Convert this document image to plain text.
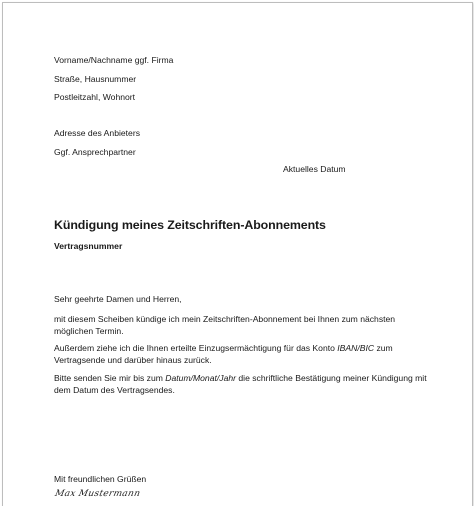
Vorname/Nachname ggf. Firma
Straße, Hausnummer
Postleitzahl, Wohnort
Adresse des Anbieters
Ggf. Ansprechpartner
Aktuelles Datum
Kündigung meines Zeitschriften-Abonnements
Vertragsnummer
Sehr geehrte Damen und Herren,
mit diesem Scheiben kündige ich mein Zeitschriften-Abonnement bei Ihnen zum nächsten möglichen Termin.
Außerdem ziehe ich die Ihnen erteilte Einzugsermächtigung für das Konto IBAN/BIC zum Vertragsende und darüber hinaus zurück.
Bitte senden Sie mir bis zum Datum/Monat/Jahr die schriftliche Bestätigung meiner Kündigung mit dem Datum des Vertragsendes.
Mit freundlichen Grüßen
Max Mustermann
